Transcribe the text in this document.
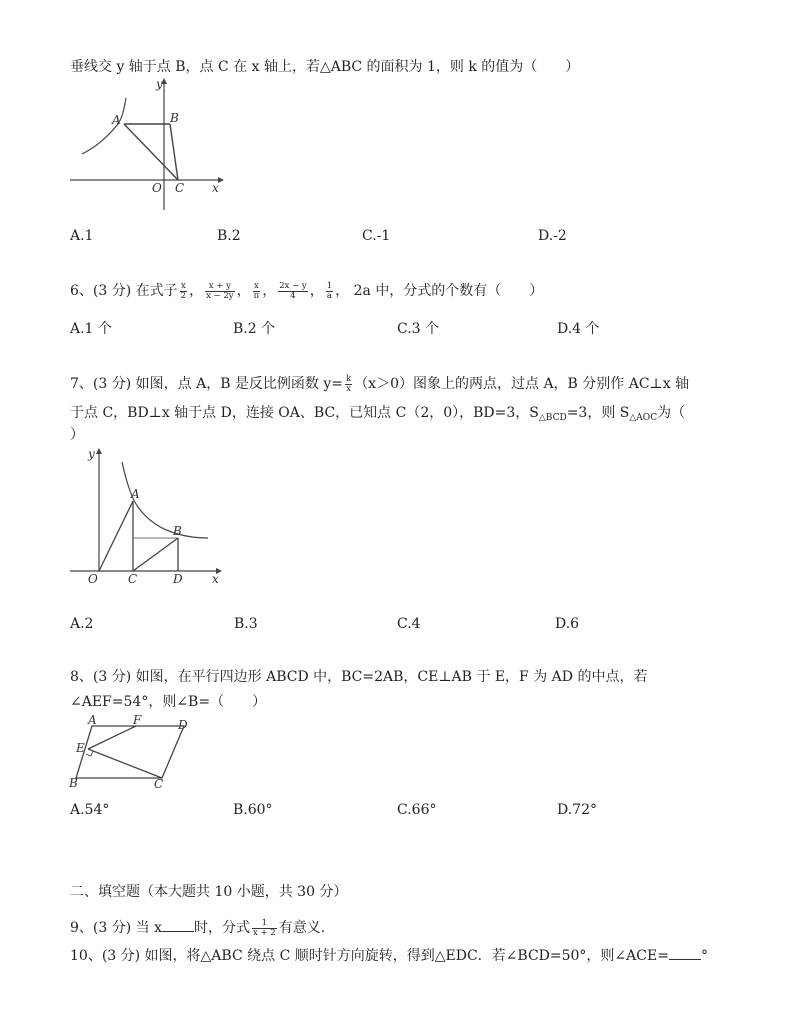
垂线交 y 轴于点 B，点 C 在 x 轴上，若△ABC 的面积为 1，则 k 的值为（　　）
y
x
A	B
O C
A.1	B.2	C.-1	D.-2
6、(3 分) 在式子 $\frac{x}{2}$ ， $\frac{x + y}{x - 2y}$ ， $\frac{x}{\pi}$ ， $\frac{2x - y}{4}$ ， $\frac{1}{a}$ ， 2a 中，分式的个数有（　　）
A.1 个	B.2 个	C.3 个	D.4 个
7、(3 分) 如图，点 A，B 是反比例函数 $y= \frac{k}{x} (x>0)$图象上的两点，过点 A，B 分别作 AC⊥x 轴
于点 C，BD⊥x 轴于点 D，连接 OA、BC，已知点 C（2，0），BD=3，$S_{\triangle BCD}=3$，则 $S_{\triangle AOC}$为（
）
y
x
A
B
O	C	D
A.2	B.3	C.4	D.6
8、(3 分) 如图，在平行四边形 ABCD 中，BC=2AB，CE⊥AB 于 E，F 为 AD 的中点，若
∠AEF=54°，则∠B=（　　）
A	F	D
E
B	C
A.54°	B.60°	C.66°	D.72°
二、填空题（本大题共 10 小题，共 30 分）
9、(3 分) 当 x 时，分式 $\frac{1}{x + 2}$ 有意义.
10、(3 分) 如图，将△ABC 绕点 C 顺时针方向旋转，得到△EDC．若∠BCD=50°，则∠ACE= °
